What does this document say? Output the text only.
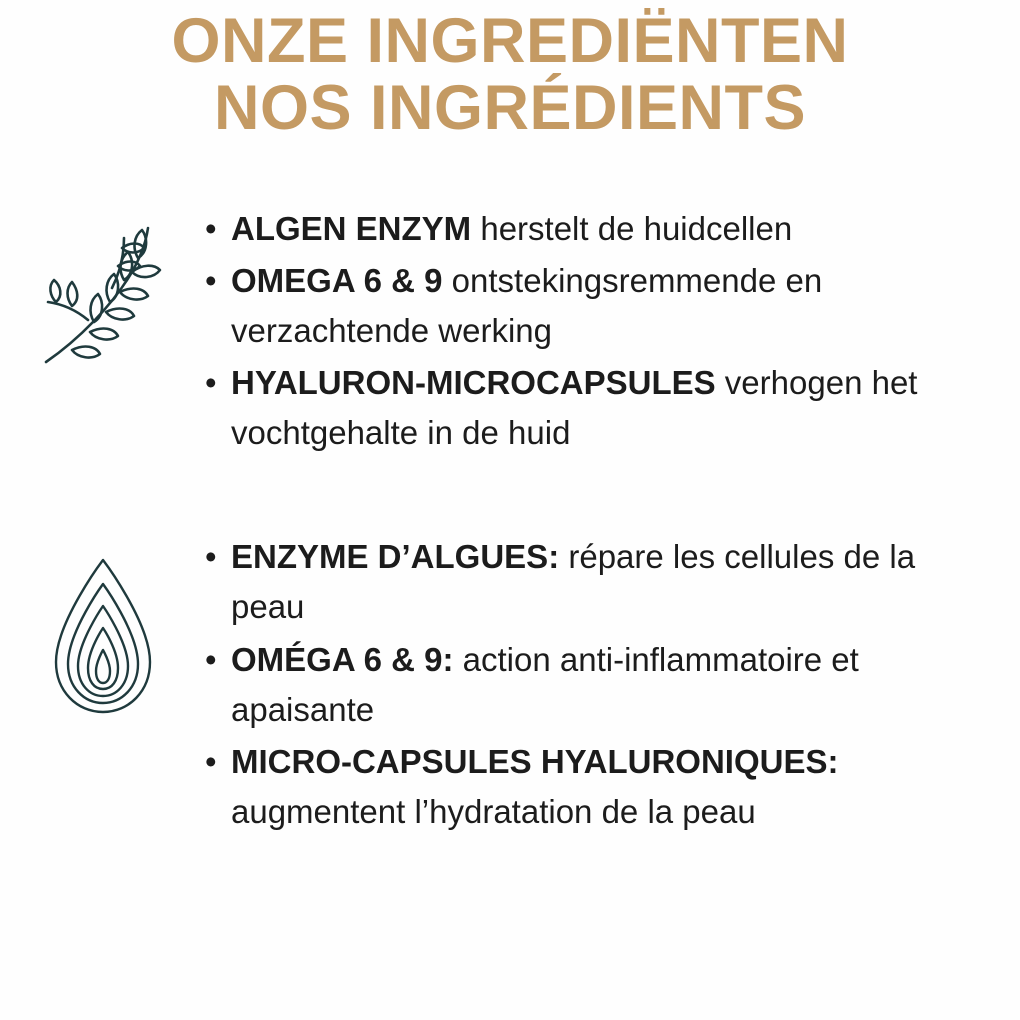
ONZE INGREDIËNTEN
NOS INGRÉDIENTS
• ALGEN ENZYM herstelt de huidcellen
• OMEGA 6 & 9 ontstekingsremmende en verzachtende werking
• HYALURON-MICROCAPSULES verhogen het vochtgehalte in de huid
• ENZYME D’ALGUES: répare les cellules de la peau
• OMÉGA 6 & 9: action anti-inflammatoire et apaisante
• MICRO-CAPSULES HYALURONIQUES: augmentent l’hydratation de la peau
